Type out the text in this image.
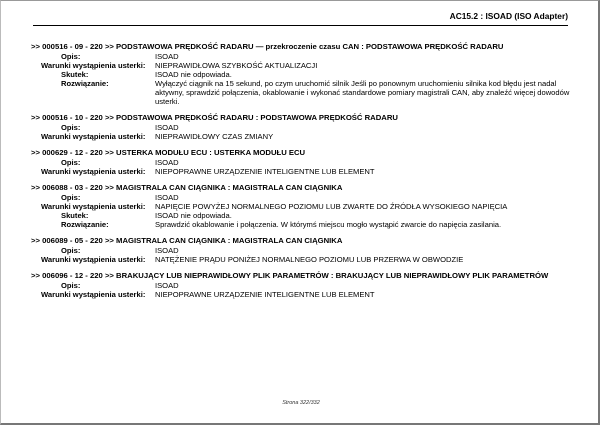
AC15.2 : ISOAD (ISO Adapter)
>> 000516 - 09 - 220 >> PODSTAWOWA PRĘDKOŚĆ RADARU — przekroczenie czasu CAN : PODSTAWOWA PRĘDKOŚĆ RADARU
Opis:	ISOAD
Warunki wystąpienia usterki:	NIEPRAWIDŁOWA SZYBKOŚĆ AKTUALIZACJI
Skutek:	ISOAD nie odpowiada.
Rozwiązanie:	Wyłączyć ciągnik na 15 sekund, po czym uruchomić silnik Jeśli po ponownym uruchomieniu silnika kod błędu jest nadal aktywny, sprawdzić połączenia, okablowanie i wykonać standardowe pomiary magistrali CAN, aby znaleźć więcej dowodów usterki.
>> 000516 - 10 - 220 >> PODSTAWOWA PRĘDKOŚĆ RADARU : PODSTAWOWA PRĘDKOŚĆ RADARU
Opis:	ISOAD
Warunki wystąpienia usterki:	NIEPRAWIDŁOWY CZAS ZMIANY
>> 000629 - 12 - 220 >> USTERKA MODUŁU ECU : USTERKA MODUŁU ECU
Opis:	ISOAD
Warunki wystąpienia usterki:	NIEPOPRAWNE URZĄDZENIE INTELIGENTNE LUB ELEMENT
>> 006088 - 03 - 220 >> MAGISTRALA CAN CIĄGNIKA : MAGISTRALA CAN CIĄGNIKA
Opis:	ISOAD
Warunki wystąpienia usterki:	NAPIĘCIE POWYŻEJ NORMALNEGO POZIOMU LUB ZWARTE DO ŹRÓDŁA WYSOKIEGO NAPIĘCIA
Skutek:	ISOAD nie odpowiada.
Rozwiązanie:	Sprawdzić okablowanie i połączenia. W którymś miejscu mogło wystąpić zwarcie do napięcia zasilania.
>> 006089 - 05 - 220 >> MAGISTRALA CAN CIĄGNIKA : MAGISTRALA CAN CIĄGNIKA
Opis:	ISOAD
Warunki wystąpienia usterki:	NATĘŻENIE PRĄDU PONIŻEJ NORMALNEGO POZIOMU LUB PRZERWA W OBWODZIE
>> 006096 - 12 - 220 >> BRAKUJĄCY LUB NIEPRAWIDŁOWY PLIK PARAMETRÓW : BRAKUJĄCY LUB NIEPRAWIDŁOWY PLIK PARAMETRÓW
Opis:	ISOAD
Warunki wystąpienia usterki:	NIEPOPRAWNE URZĄDZENIE INTELIGENTNE LUB ELEMENT
Strona 322/332
